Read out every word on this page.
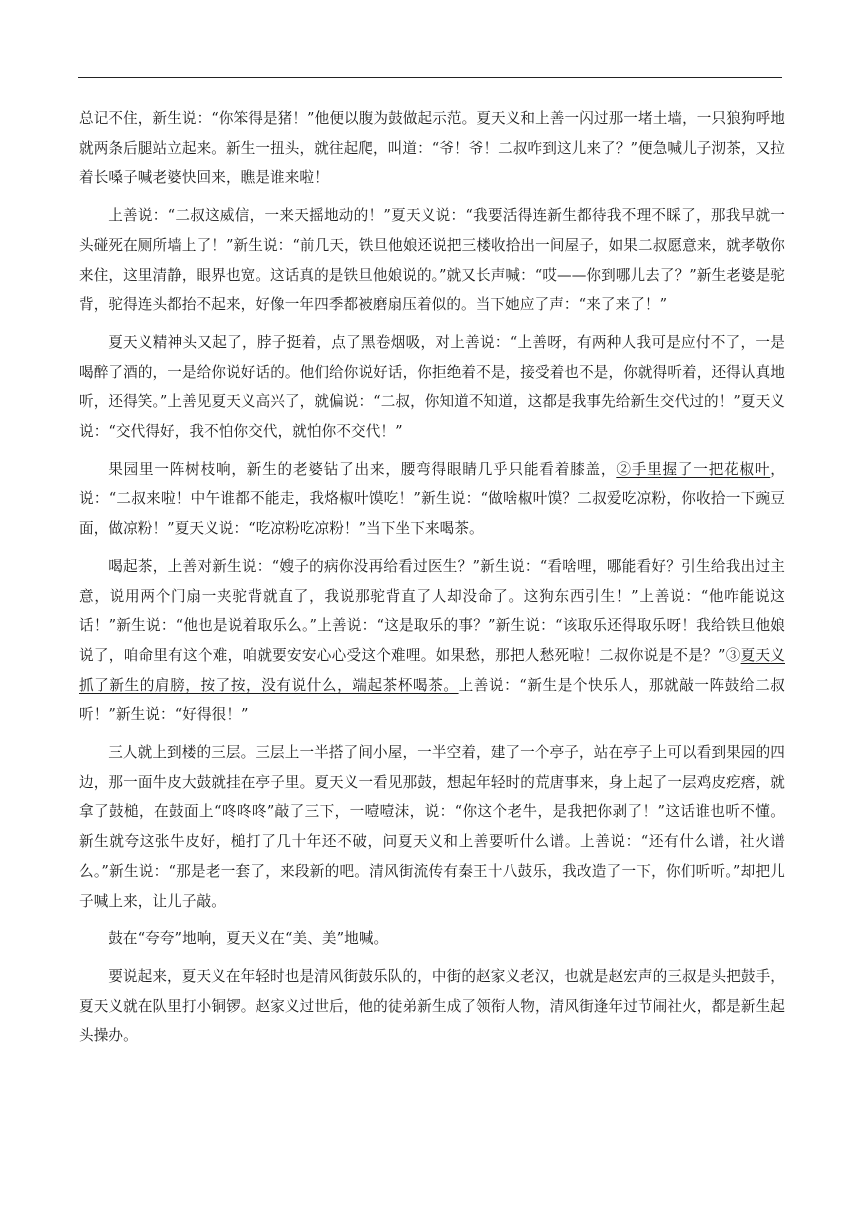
总记不住，新生说：“你笨得是猪！”他便以腹为鼓做起示范。夏天义和上善一闪过那一堵土墙，一只狼狗呼地就两条后腿站立起来。新生一扭头，就往起爬，叫道：“爷！爷！二叔咋到这儿来了？”便急喊儿子沏茶，又拉着长嗓子喊老婆快回来，瞧是谁来啦！

上善说：“二叔这威信，一来天摇地动的！”夏天义说：“我要活得连新生都待我不理不睬了，那我早就一头碰死在厕所墙上了！”新生说：“前几天，铁旦他娘还说把三楼收拾出一间屋子，如果二叔愿意来，就孝敬你来住，这里清静，眼界也宽。这话真的是铁旦他娘说的。”就又长声喊：“哎——你到哪儿去了？”新生老婆是驼背，驼得连头都抬不起来，好像一年四季都被磨扇压着似的。当下她应了声：“来了来了！”

夏天义精神头又起了，脖子挺着，点了黑卷烟吸，对上善说：“上善呀，有两种人我可是应付不了，一是喝醉了酒的，一是给你说好话的。他们给你说好话，你拒绝着不是，接受着也不是，你就得听着，还得认真地听，还得笑。”上善见夏天义高兴了，就偏说：“二叔，你知道不知道，这都是我事先给新生交代过的！”夏天义说：“交代得好，我不怕你交代，就怕你不交代！”

果园里一阵树枝响，新生的老婆钻了出来，腰弯得眼睛几乎只能看着膝盖，②手里握了一把花椒叶，说：“二叔来啦！中午谁都不能走，我烙椒叶馍吃！”新生说：“做啥椒叶馍？二叔爱吃凉粉，你收拾一下豌豆面，做凉粉！”夏天义说：“吃凉粉吃凉粉！”当下坐下来喝茶。

喝起茶，上善对新生说：“嫂子的病你没再给看过医生？”新生说：“看啥哩，哪能看好？引生给我出过主意，说用两个门扇一夹驼背就直了，我说那驼背直了人却没命了。这狗东西引生！”上善说：“他咋能说这话！”新生说：“他也是说着取乐么。”上善说：“这是取乐的事？”新生说：“该取乐还得取乐呀！我给铁旦他娘说了，咱命里有这个难，咱就要安安心心受这个难哩。如果愁，那把人愁死啦！二叔你说是不是？”③夏天义抓了新生的肩膀，按了按，没有说什么，端起茶杯喝茶。上善说：“新生是个快乐人，那就敲一阵鼓给二叔听！”新生说：“好得很！”

三人就上到楼的三层。三层上一半搭了间小屋，一半空着，建了一个亭子，站在亭子上可以看到果园的四边，那一面牛皮大鼓就挂在亭子里。夏天义一看见那鼓，想起年轻时的荒唐事来，身上起了一层鸡皮疙瘩，就拿了鼓槌，在鼓面上“咚咚咚”敲了三下，一噎噎沫，说：“你这个老牛，是我把你剥了！”这话谁也听不懂。新生就夸这张牛皮好，槌打了几十年还不破，问夏天义和上善要听什么谱。上善说：“还有什么谱，社火谱么。”新生说：“那是老一套了，来段新的吧。清风街流传有秦王十八鼓乐，我改造了一下，你们听听。”却把儿子喊上来，让儿子敲。

鼓在“夸夸”地响，夏天义在“美、美”地喊。

要说起来，夏天义在年轻时也是清风街鼓乐队的，中街的赵家义老汉，也就是赵宏声的三叔是头把鼓手，夏天义就在队里打小铜锣。赵家义过世后，他的徒弟新生成了领衔人物，清风街逢年过节闹社火，都是新生起头操办。
